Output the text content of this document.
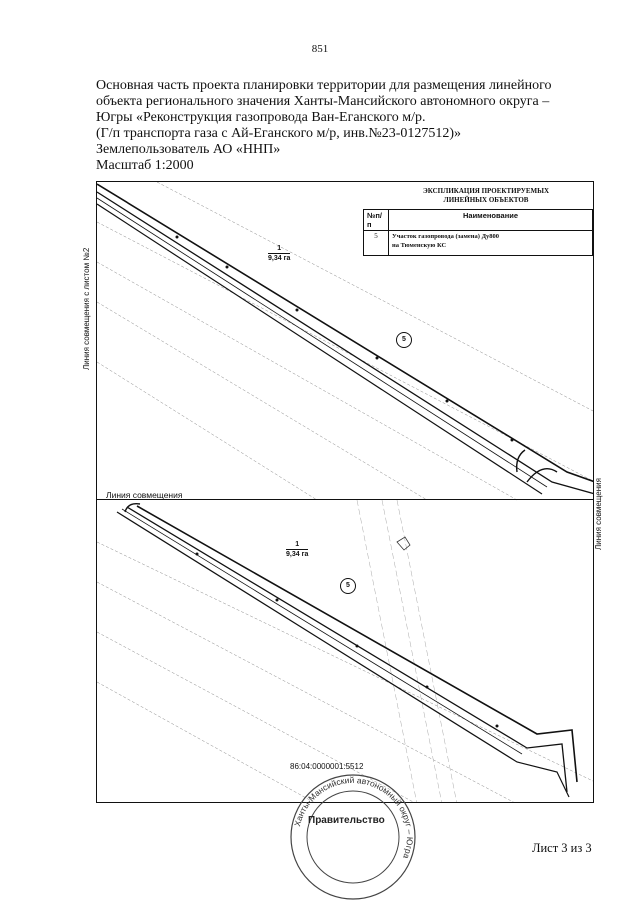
851
Основная часть проекта планировки территории для размещения линейного
объекта регионального значения Ханты-Мансийского автономного округа –
Югры «Реконструкция газопровода Ван-Еганского м/р.
(Г/п транспорта газа с Ай-Еганского м/р, инв.№23-0127512)»
Землепользователь АО «ННП»
Масштаб 1:2000
Линия совмещения с листом №2
Линия совмещения
Линия совмещения
1
9,34 га
1
9,34 га
5
5
ЭКСПЛИКАЦИЯ ПРОЕКТИРУЕМЫХ
ЛИНЕЙНЫХ ОБЪЕКТОВ
№п/п	Наименование
5	Участок газопровода (замена) Ду800
на Тюменскую КС
86:04:0000001:5512
Ханты-Мансийский автономный округ – Югра
Правительство
Лист 3 из 3
